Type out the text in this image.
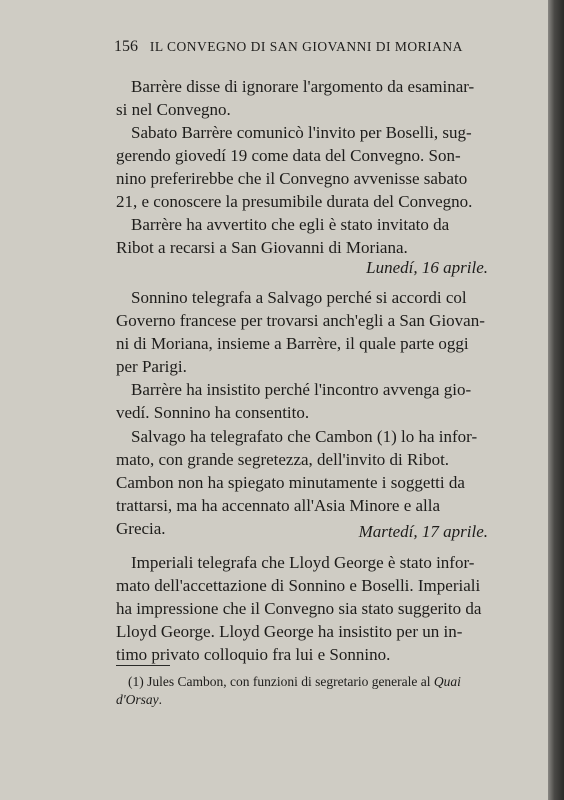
156 IL CONVEGNO DI SAN GIOVANNI DI MORIANA

Barrère disse di ignorare l'argomento da esaminar-
si nel Convegno.

Sabato Barrère comunicò l'invito per Boselli, sug-
gerendo giovedí 19 come data del Convegno. Son-
nino preferirebbe che il Convegno avvenisse sabato
21, e conoscere la presumibile durata del Convegno.

Barrère ha avvertito che egli è stato invitato da
Ribot a recarsi a San Giovanni di Moriana.

Lunedí, 16 aprile.

Sonnino telegrafa a Salvago perché si accordi col
Governo francese per trovarsi anch'egli a San Giovan-
ni di Moriana, insieme a Barrère, il quale parte oggi
per Parigi.

Barrère ha insistito perché l'incontro avvenga gio-
vedí. Sonnino ha consentito.

Salvago ha telegrafato che Cambon (1) lo ha infor-
mato, con grande segretezza, dell'invito di Ribot.
Cambon non ha spiegato minutamente i soggetti da
trattarsi, ma ha accennato all'Asia Minore e alla
Grecia.	Martedí, 17 aprile.

Imperiali telegrafa che Lloyd George è stato infor-
mato dell'accettazione di Sonnino e Boselli. Imperiali
ha impressione che il Convegno sia stato suggerito da
Lloyd George. Lloyd George ha insistito per un in-
timo privato colloquio fra lui e Sonnino.

(1) Jules Cambon, con funzioni di segretario generale al Quai d'Orsay.
